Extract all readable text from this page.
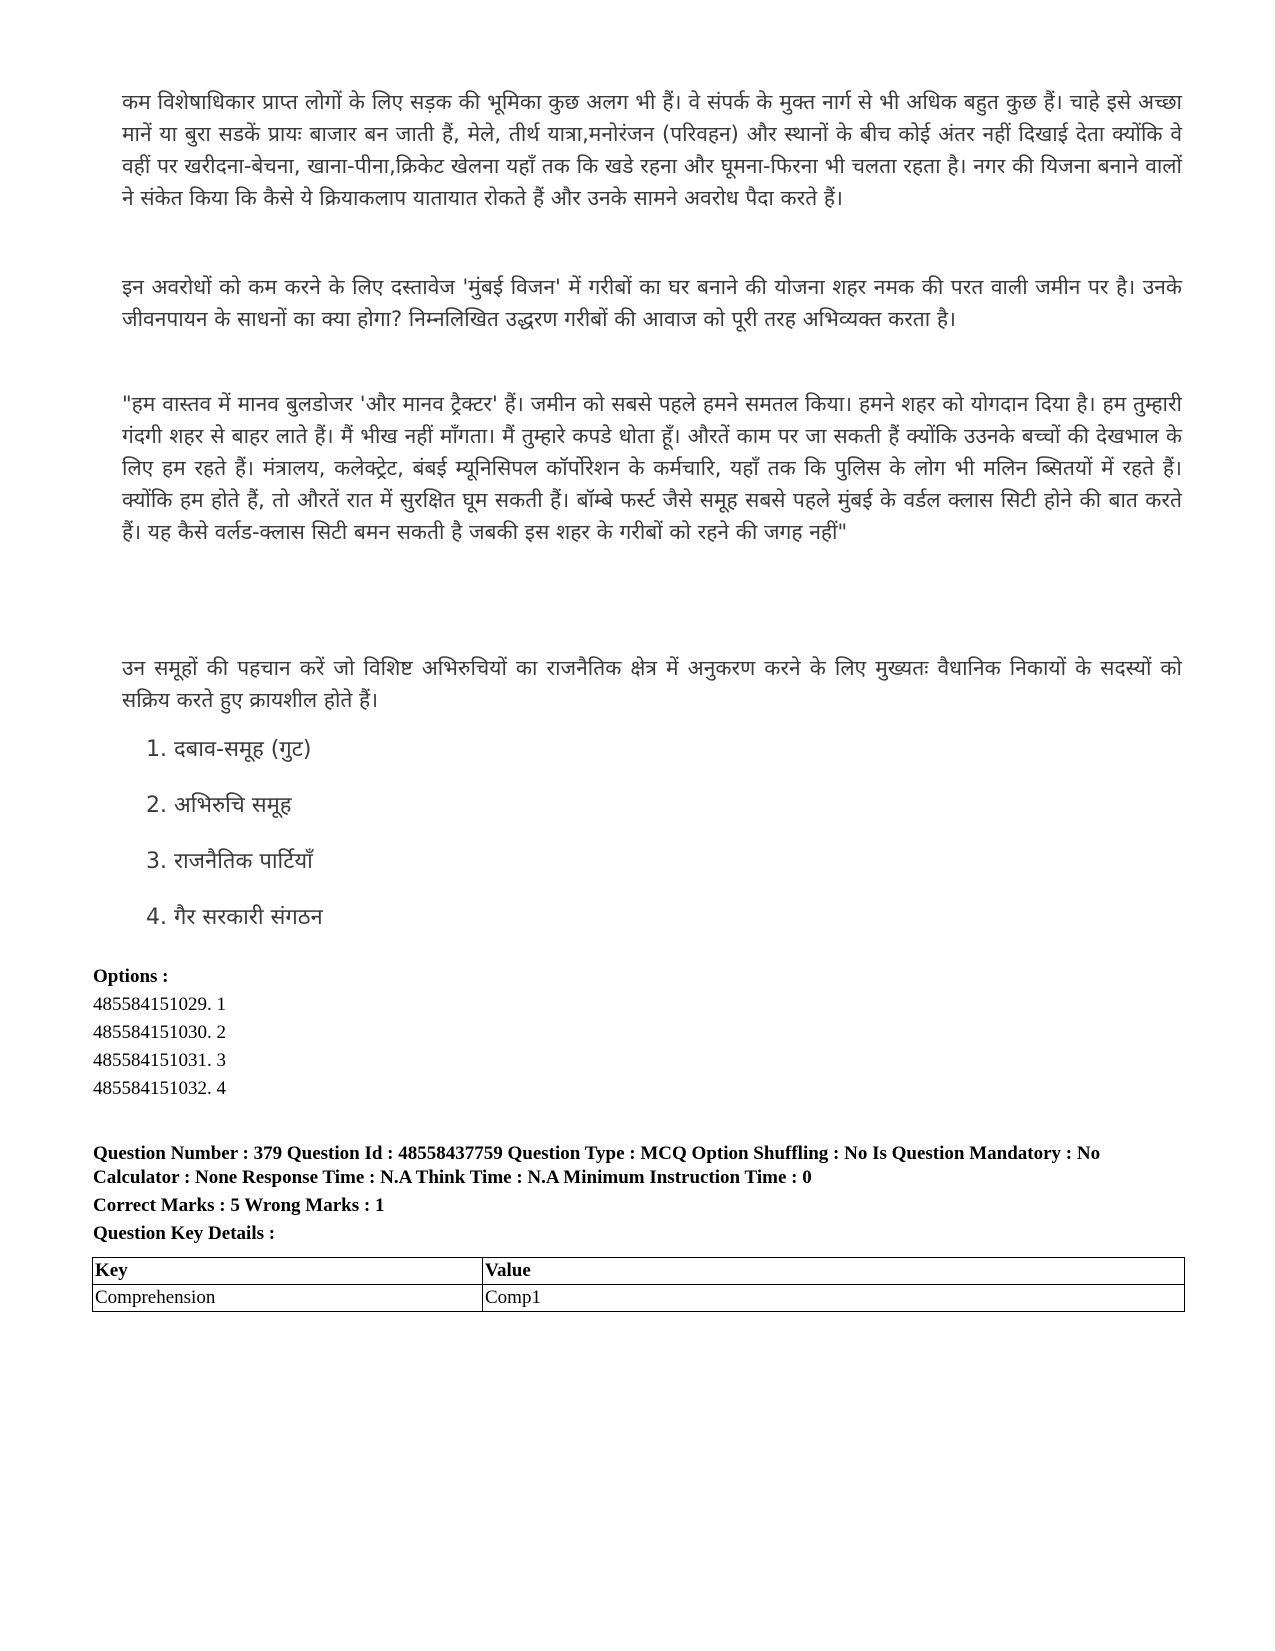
कम विशेषाधिकार प्राप्त लोगों के लिए सड़क की भूमिका कुछ अलग भी हैं। वे संपर्क के मुक्त नार्ग से भी अधिक बहुत कुछ हैं। चाहे इसे अच्छा मानें या बुरा सडकें प्रायः बाजार बन जाती हैं, मेले, तीर्थ यात्रा,मनोरंजन (परिवहन) और स्थानों के बीच कोई अंतर नहीं दिखाई देता क्योंकि वे वहीं पर खरीदना-बेचना, खाना-पीना,क्रिकेट खेलना यहाँ तक कि खडे रहना और घूमना-फिरना भी चलता रहता है। नगर की यिजना बनाने वालों ने संकेत किया कि कैसे ये क्रियाकलाप यातायात रोकते हैं और उनके सामने अवरोध पैदा करते हैं।

इन अवरोधों को कम करने के लिए दस्तावेज 'मुंबई विजन' में गरीबों का घर बनाने की योजना शहर नमक की परत वाली जमीन पर है। उनके जीवनपायन के साधनों का क्या होगा? निम्नलिखित उद्धरण गरीबों की आवाज को पूरी तरह अभिव्यक्त करता है।

"हम वास्तव में मानव बुलडोजर 'और मानव ट्रैक्टर' हैं। जमीन को सबसे पहले हमने समतल किया। हमने शहर को योगदान दिया है। हम तुम्हारी गंदगी शहर से बाहर लाते हैं। मैं भीख नहीं माँगता। मैं तुम्हारे कपडे धोता हूँ। औरतें काम पर जा सकती हैं क्योंकि उउनके बच्चों की देखभाल के लिए हम रहते हैं। मंत्रालय, कलेक्ट्रेट, बंबई म्यूनिसिपल कॉर्पोरेशन के कर्मचारि, यहाँ तक कि पुलिस के लोग भी मलिन ब्सितयों में रहते हैं। क्योंकि हम होते हैं, तो औरतें रात में सुरक्षित घूम सकती हैं। बॉम्बे फर्स्ट जैसे समूह सबसे पहले मुंबई के वर्डल क्लास सिटी होने की बात करते हैं। यह कैसे वर्लड-क्लास सिटी बमन सकती है जबकी इस शहर के गरीबों को रहने की जगह नहीं"

उन समूहों की पहचान करें जो विशिष्ट अभिरुचियों का राजनैतिक क्षेत्र में अनुकरण करने के लिए मुख्यतः वैधानिक निकायों के सदस्यों को सक्रिय करते हुए क्रायशील होते हैं।

1. दबाव-समूह (गुट)
2. अभिरुचि समूह
3. राजनैतिक पार्टियाँ
4. गैर सरकारी संगठन
Options :
485584151029. 1
485584151030. 2
485584151031. 3
485584151032. 4
Question Number : 379 Question Id : 48558437759 Question Type : MCQ Option Shuffling : No Is Question Mandatory : No Calculator : None Response Time : N.A Think Time : N.A Minimum Instruction Time : 0
Correct Marks : 5 Wrong Marks : 1
Question Key Details :
Key	Value
Comprehension	Comp1
